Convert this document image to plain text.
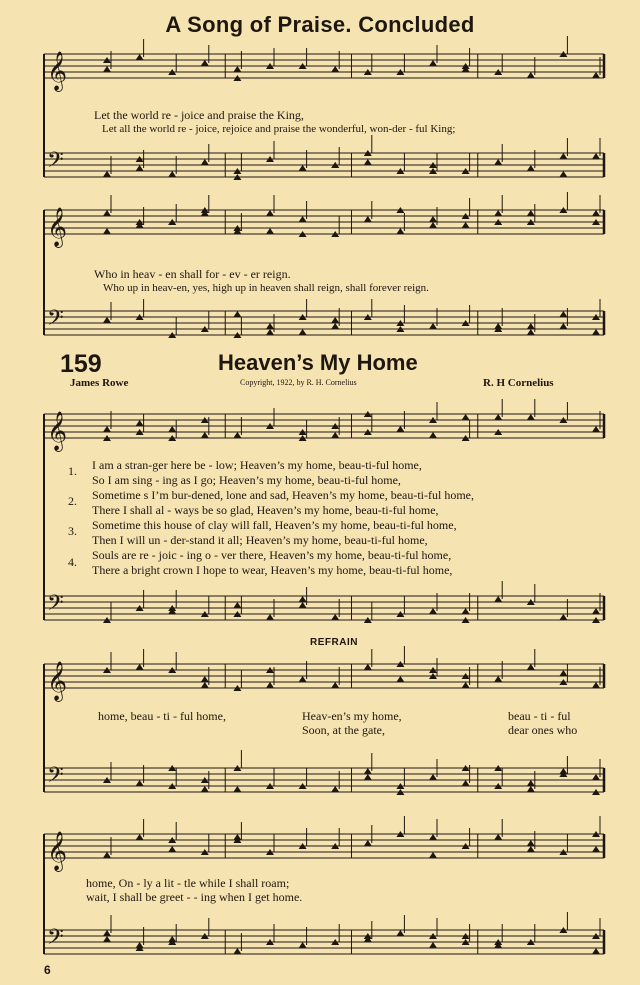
A Song of Praise. Concluded
Let the world re - joice and praise the King,
Let all the world re - joice, rejoice and praise the wonderful, won-der - ful King;
Who in heav - en shall for - ev - er reign.
Who up in heav-en, yes, high up in heaven shall reign, shall forever reign.
159	Heaven’s My Home
James Rowe	Copyright, 1922, by R. H. Cornelius	R. H Cornelius
1.
2.
3.
4.
I am a stran-ger here be - low; Heaven’s my home, beau-ti-ful home,
So I am sing - ing as I go; Heaven’s my home, beau-ti-ful home,
Sometime s I’m bur-dened, lone and sad, Heaven’s my home, beau-ti-ful home,
There I shall al - ways be so glad, Heaven’s my home, beau-ti-ful home,
Sometime this house of clay will fall, Heaven’s my home, beau-ti-ful home,
Then I will un - der-stand it all; Heaven’s my home, beau-ti-ful home,
Souls are re - joic - ing o - ver there, Heaven’s my home, beau-ti-ful home,
There a bright crown I hope to wear, Heaven’s my home, beau-ti-ful home,
REFRAIN
home, beau - ti - ful home,	Heav-en’s my home,	beau - ti - ful
Soon, at the gate,	dear ones who
home, On - ly a lit - tle while I shall roam;
wait, I shall be greet - - ing when I get home.
6
𝄞
𝄢
𝄞
𝄢
𝄞
𝄢
𝄞
𝄢
𝄞
𝄢
